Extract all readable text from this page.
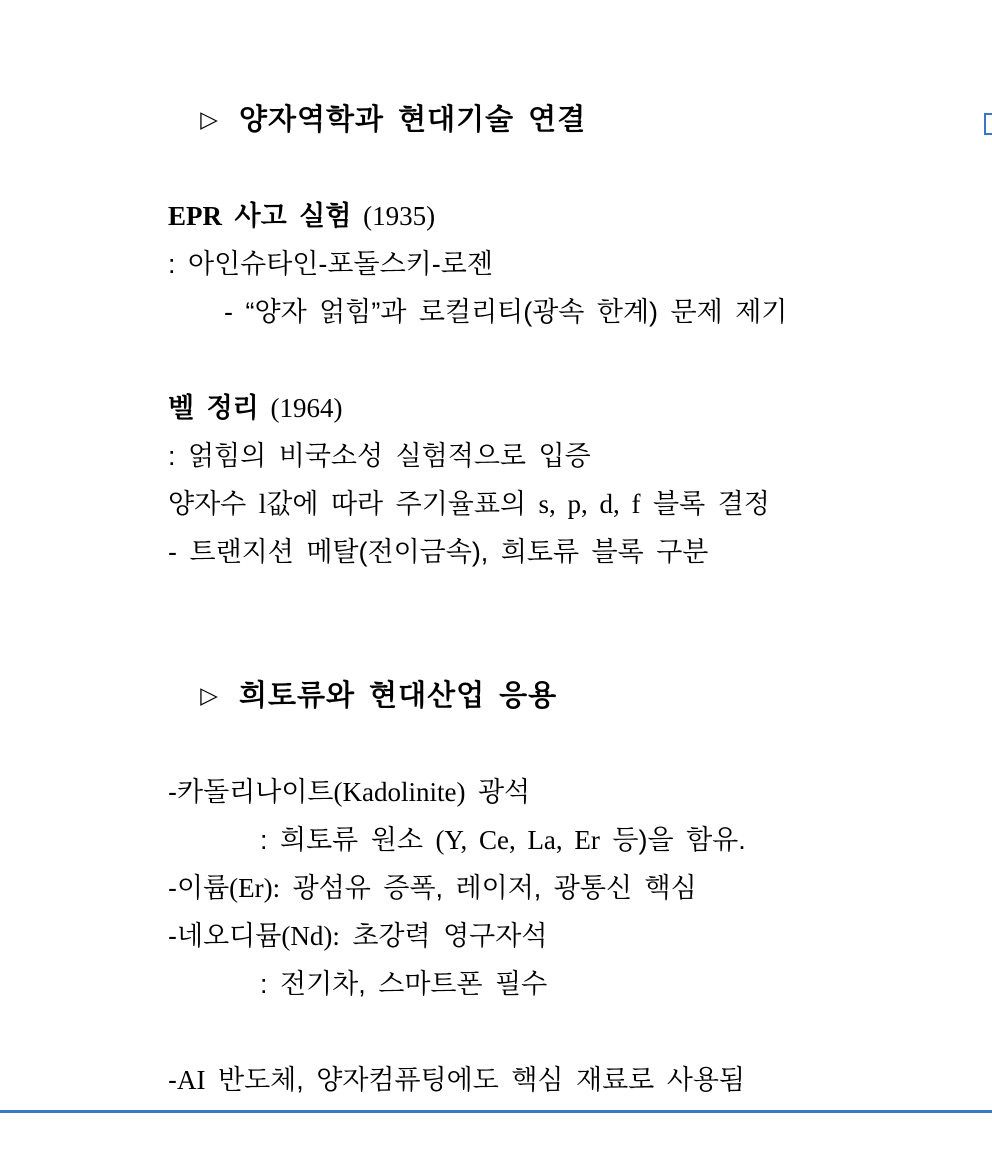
▷ 양자역학과 현대기술 연결

EPR 사고 실험 (1935)

: 아인슈타인-포돌스키-로젠

- “양자 얽힘”과 로컬리티(광속 한계) 문제 제기

벨 정리 (1964)

: 얽힘의 비국소성 실험적으로 입증

양자수 l값에 따라 주기율표의 s, p, d, f 블록 결정

- 트랜지션 메탈(전이금속), 희토류 블록 구분

▷ 희토류와 현대산업 응용

-카돌리나이트(Kadolinite) 광석

: 희토류 원소 (Y, Ce, La, Er 등)을 함유.

-이륨(Er): 광섬유 증폭, 레이저, 광통신 핵심

-네오디뮴(Nd): 초강력 영구자석

: 전기차, 스마트폰 필수

-AI 반도체, 양자컴퓨팅에도 핵심 재료로 사용됨
